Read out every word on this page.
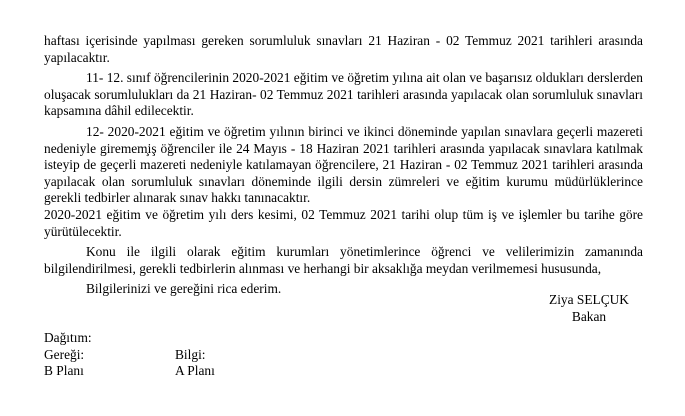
haftası içerisinde yapılması gereken sorumluluk sınavları 21 Haziran - 02 Temmuz 2021 tarihleri arasında yapılacaktır.

11- 12. sınıf öğrencilerinin 2020-2021 eğitim ve öğretim yılına ait olan ve başarısız oldukları derslerden oluşacak sorumlulukları da 21 Haziran- 02 Temmuz 2021 tarihleri arasında yapılacak olan sorumluluk sınavları kapsamına dâhil edilecektir.

12- 2020-2021 eğitim ve öğretim yılının birinci ve ikinci döneminde yapılan sınavlara geçerli mazereti nedeniyle giremem̧iş öğrenciler ile 24 Mayıs - 18 Haziran 2021 tarihleri arasında yapılacak sınavlara katılmak isteyip de geçerli mazereti nedeniyle katılamayan öğrencilere, 21 Haziran - 02 Temmuz 2021 tarihleri arasında yapılacak olan sorumluluk sınavları döneminde ilgili dersin zümreleri ve eğitim kurumu müdürlüklerince gerekli tedbirler alınarak sınav hakkı tanınacaktır.

2020-2021 eğitim ve öğretim yılı ders kesimi, 02 Temmuz 2021 tarihi olup tüm iş ve işlemler bu tarihe göre yürütülecektir.

Konu ile ilgili olarak eğitim kurumları yönetimlerince öğrenci ve velilerimizin zamanında bilgilendirilmesi, gerekli tedbirlerin alınması ve herhangi bir aksaklığa meydan verilmemesi hususunda,

Bilgilerinizi ve gereğini rica ederim.

Ziya SELÇUK
Bakan
Dağıtım:
Gereği:	Bilgi:
B Planı	A Planı
